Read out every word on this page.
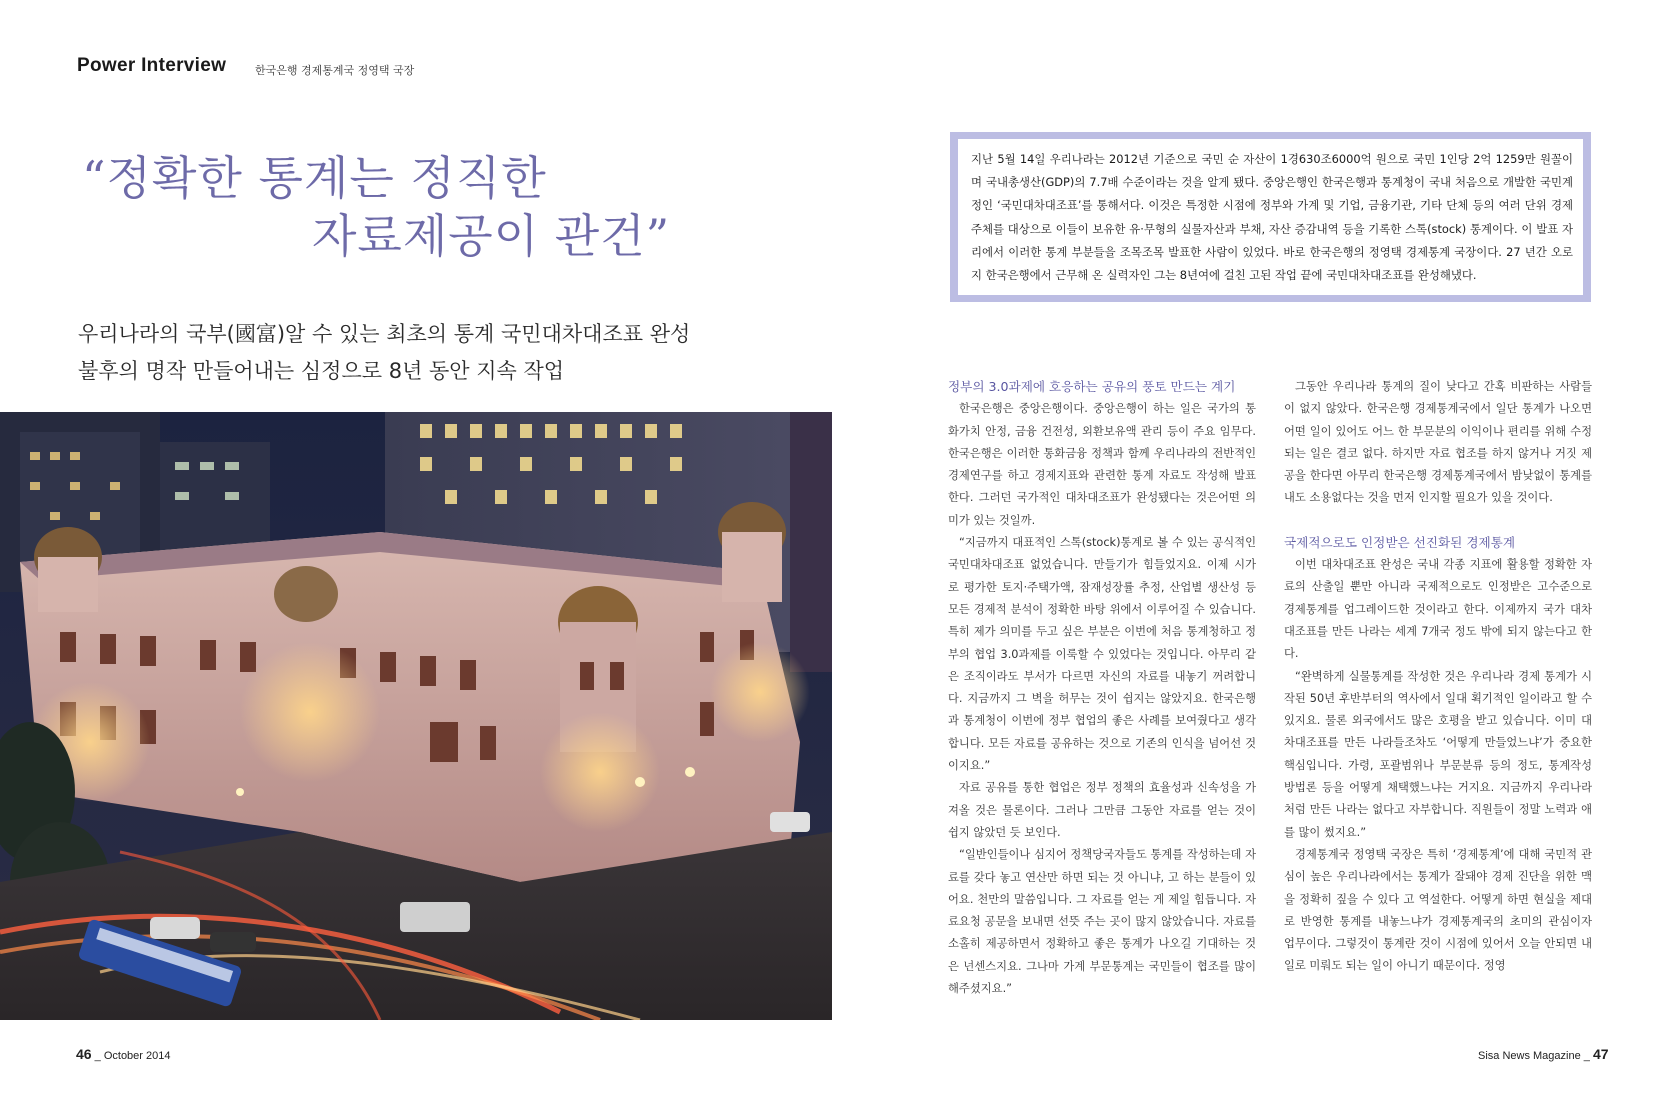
Power Interview	한국은행 경제통계국 정영택 국장
“정확한 통계는 정직한
자료제공이 관건”
우리나라의 국부(國富)알 수 있는 최초의 통계 국민대차대조표 완성
불후의 명작 만들어내는 심정으로 8년 동안 지속 작업

지난 5월 14일 우리나라는 2012년 기준으로 국민 순 자산이 1경630조6000억 원으로 국민 1인당 2억 1259만 원꼴이며 국내총생산(GDP)의 7.7배 수준이라는 것을 알게 됐다. 중앙은행인 한국은행과 통계청이 국내 처음으로 개발한 국민계정인 ‘국민대차대조표’를 통해서다. 이것은 특정한 시점에 정부와 가계 및 기업, 금융기관, 기타 단체 등의 여러 단위 경제 주체를 대상으로 이들이 보유한 유·무형의 실물자산과 부채, 자산 증감내역 등을 기록한 스톡(stock) 통계이다. 이 발표 자리에서 이러한 통계 부분들을 조목조목 발표한 사람이 있었다. 바로 한국은행의 정영택 경제통계 국장이다. 27 년간 오로지 한국은행에서 근무해 온 실력자인 그는 8년여에 걸친 고된 작업 끝에 국민대차대조표를 완성해냈다.

정부의 3.0과제에 호응하는 공유의 풍토 만드는 계기

한국은행은 중앙은행이다. 중앙은행이 하는 일은 국가의 통화가치 안정, 금융 건전성, 외환보유액 관리 등이 주요 임무다. 한국은행은 이러한 통화금융 정책과 함께 우리나라의 전반적인 경제연구를 하고 경제지표와 관련한 통계 자료도 작성해 발표한다. 그러던 국가적인 대차대조표가 완성됐다는 것은어떤 의미가 있는 것일까.

“지금까지 대표적인 스톡(stock)통계로 볼 수 있는 공식적인 국민대차대조표 없었습니다. 만들기가 힘들었지요. 이제 시가로 평가한 토지·주택가액, 잠재성장률 추정, 산업별 생산성 등 모든 경제적 분석이 정확한 바탕 위에서 이루어질 수 있습니다. 특히 제가 의미를 두고 싶은 부분은 이번에 처음 통계청하고 정부의 협업 3.0과제를 이룩할 수 있었다는 것입니다. 아무리 같은 조직이라도 부서가 다르면 자신의 자료를 내놓기 꺼려합니다. 지금까지 그 벽을 허무는 것이 쉽지는 않았지요. 한국은행과 통계청이 이번에 정부 협업의 좋은 사례를 보여줬다고 생각합니다. 모든 자료를 공유하는 것으로 기존의 인식을 넘어선 것이지요.”

자료 공유를 통한 협업은 정부 정책의 효율성과 신속성을 가져올 것은 물론이다. 그러나 그만큼 그동안 자료를 얻는 것이 쉽지 않았던 듯 보인다.

“일반인들이나 심지어 정책당국자들도 통계를 작성하는데 자료를 갖다 놓고 연산만 하면 되는 것 아니냐, 고 하는 분들이 있어요. 천만의 말씀입니다. 그 자료를 얻는 게 제일 힘듭니다. 자료요청 공문을 보내면 선뜻 주는 곳이 많지 않았습니다. 자료를 소홀히 제공하면서 정확하고 좋은 통계가 나오길 기대하는 것은 넌센스지요. 그나마 가계 부문통계는 국민들이 협조를 많이 해주셨지요.”

그동안 우리나라 통계의 질이 낮다고 간혹 비판하는 사람들이 없지 않았다. 한국은행 경제통계국에서 일단 통계가 나오면 어떤 일이 있어도 어느 한 부문분의 이익이나 편리를 위해 수정되는 일은 결코 없다. 하지만 자료 협조를 하지 않거나 거짓 제공을 한다면 아무리 한국은행 경제통계국에서 밤낮없이 통계를 내도 소용없다는 것을 먼저 인지할 필요가 있을 것이다.

국제적으로도 인정받은 선진화된 경제통계

이번 대차대조표 완성은 국내 각종 지표에 활용할 정확한 자료의 산출일 뿐만 아니라 국제적으로도 인정받은 고수준으로 경제통계를 업그레이드한 것이라고 한다. 이제까지 국가 대차대조표를 만든 나라는 세계 7개국 정도 밖에 되지 않는다고 한다.

“완벽하게 실물통계를 작성한 것은 우리나라 경제 통계가 시작된 50년 후반부터의 역사에서 일대 획기적인 일이라고 할 수 있지요. 물론 외국에서도 많은 호평을 받고 있습니다. 이미 대차대조표를 만든 나라들조차도 ‘어떻게 만들었느냐’가 중요한 핵심입니다. 가령, 포괄범위나 부문분류 등의 정도, 통계작성 방법론 등을 어떻게 채택했느냐는 거지요. 지금까지 우리나라처럼 만든 나라는 없다고 자부합니다. 직원들이 정말 노력과 애를 많이 썼지요.”

경제통계국 정영택 국장은 특히 ‘경제통계’에 대해 국민적 관심이 높은 우리나라에서는 통계가 잘돼야 경제 진단을 위한 맥을 정확히 짚을 수 있다 고 역설한다. 어떻게 하면 현실을 제대로 반영한 통계를 내놓느냐가 경제통계국의 초미의 관심이자 업무이다. 그렇것이 통계란 것이 시점에 있어서 오늘 안되면 내일로 미뤄도 되는 일이 아니기 때문이다. 정영

46 _ October 2014	Sisa News Magazine _ 47
